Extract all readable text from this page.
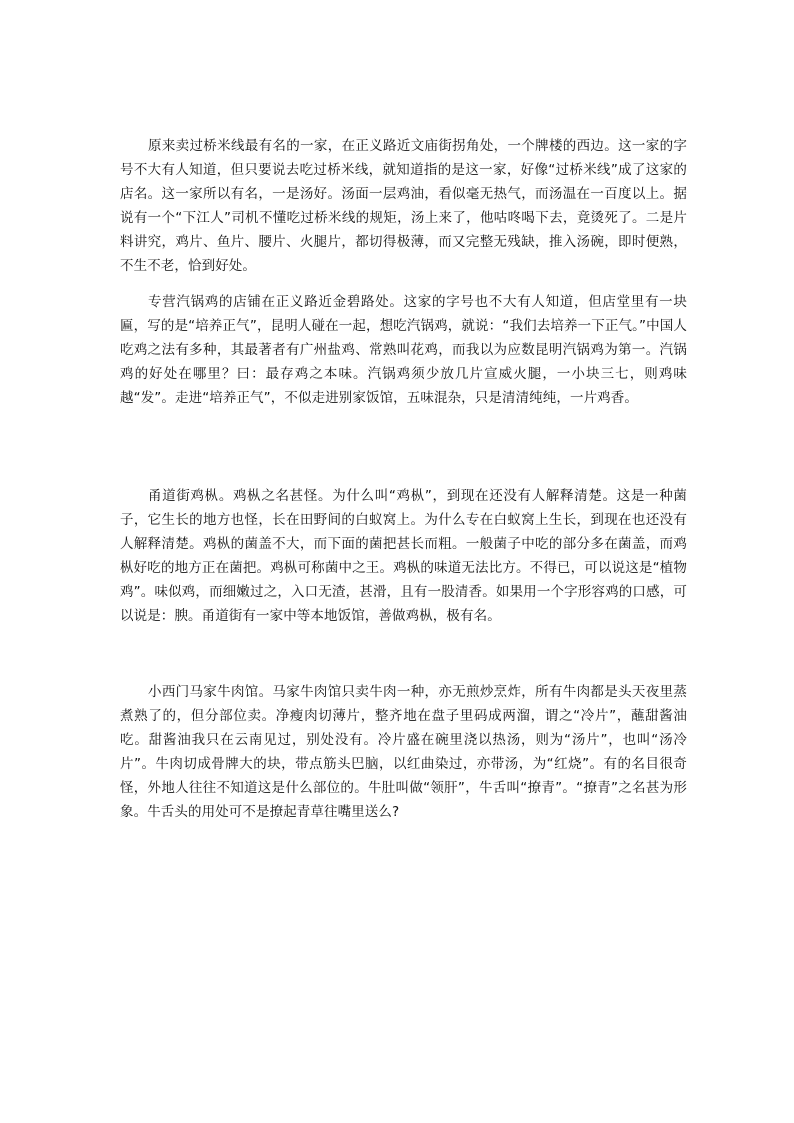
原来卖过桥米线最有名的一家，在正义路近文庙街拐角处，一个牌楼的西边。这一家的字号不大有人知道，但只要说去吃过桥米线，就知道指的是这一家，好像“过桥米线”成了这家的店名。这一家所以有名，一是汤好。汤面一层鸡油，看似毫无热气，而汤温在一百度以上。据说有一个“下江人”司机不懂吃过桥米线的规矩，汤上来了，他咕咚喝下去，竟烫死了。二是片料讲究，鸡片、鱼片、腰片、火腿片，都切得极薄，而又完整无残缺，推入汤碗，即时便熟，不生不老，恰到好处。

专营汽锅鸡的店铺在正义路近金碧路处。这家的字号也不大有人知道，但店堂里有一块匾，写的是“培养正气”，昆明人碰在一起，想吃汽锅鸡，就说：“我们去培养一下正气。”中国人吃鸡之法有多种，其最著者有广州盐鸡、常熟叫花鸡，而我以为应数昆明汽锅鸡为第一。汽锅鸡的好处在哪里？曰：最存鸡之本味。汽锅鸡须少放几片宣威火腿，一小块三七，则鸡味越“发”。走进“培养正气”，不似走进别家饭馆，五味混杂，只是清清纯纯，一片鸡香。

甬道街鸡枞。鸡枞之名甚怪。为什么叫“鸡枞”，到现在还没有人解释清楚。这是一种菌子，它生长的地方也怪，长在田野间的白蚁窝上。为什么专在白蚁窝上生长，到现在也还没有人解释清楚。鸡枞的菌盖不大，而下面的菌把甚长而粗。一般菌子中吃的部分多在菌盖，而鸡枞好吃的地方正在菌把。鸡枞可称菌中之王。鸡枞的味道无法比方。不得已，可以说这是“植物鸡”。味似鸡，而细嫩过之，入口无渣，甚滑，且有一股清香。如果用一个字形容鸡的口感，可以说是：腴。甬道街有一家中等本地饭馆，善做鸡枞，极有名。

小西门马家牛肉馆。马家牛肉馆只卖牛肉一种，亦无煎炒烹炸，所有牛肉都是头天夜里蒸煮熟了的，但分部位卖。净瘦肉切薄片，整齐地在盘子里码成两溜，谓之“冷片”，蘸甜酱油吃。甜酱油我只在云南见过，别处没有。冷片盛在碗里浇以热汤，则为“汤片”，也叫“汤冷片”。牛肉切成骨牌大的块，带点筋头巴脑，以红曲染过，亦带汤，为“红烧”。有的名目很奇怪，外地人往往不知道这是什么部位的。牛肚叫做“领肝”，牛舌叫“撩青”。“撩青”之名甚为形象。牛舌头的用处可不是撩起青草往嘴里送么?
